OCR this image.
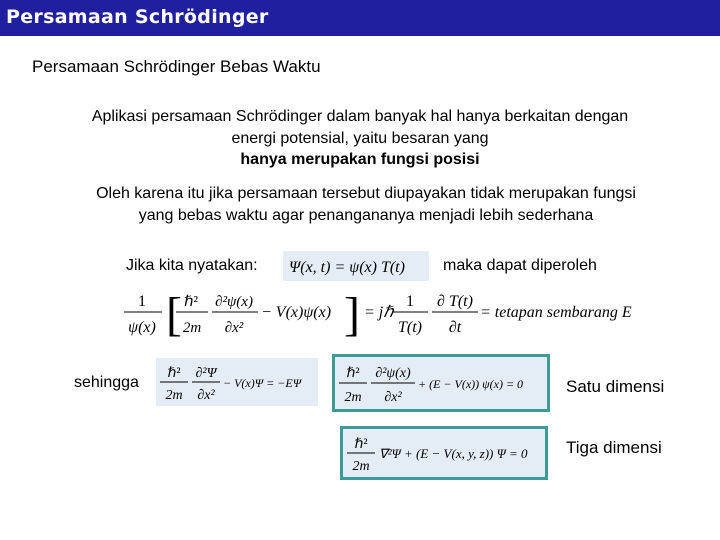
Persamaan Schrödinger
Persamaan Schrödinger Bebas Waktu
Aplikasi persamaan Schrödinger dalam banyak hal hanya berkaitan dengan
energi potensial, yaitu besaran yang
hanya merupakan fungsi posisi
Oleh karena itu jika persamaan tersebut diupayakan tidak merupakan fungsi
yang bebas waktu agar penangananya menjadi lebih sederhana
Jika kita nyatakan: Ψ(x, t) = ψ(x) T(t) maka dapat diperoleh
1
ψ(x) [ ℏ²
2m
∂²ψ(x)
∂x²
− V(x)ψ(x) ] = jℏ
1
T(t)
∂ T(t)
∂t
= tetapan sembarang E
sehingga
ℏ²
2m
∂²Ψ
∂x²
− V(x)Ψ = −EΨ
ℏ²
2m
∂²ψ(x)
∂x²
+ (E − V(x)) ψ(x) = 0	Satu dimensi
ℏ²
2m
∇²Ψ + (E − V(x, y, z)) Ψ = 0 Tiga dimensi
